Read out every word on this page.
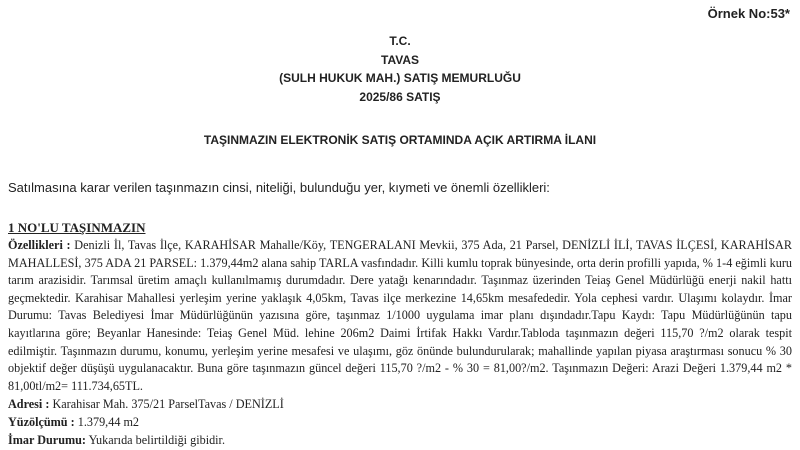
Örnek No:53*
T.C.
TAVAS
(SULH HUKUK MAH.) SATIŞ MEMURLUĞU
2025/86 SATIŞ
TAŞINMAZIN ELEKTRONİK SATIŞ ORTAMINDA AÇIK ARTIRMA İLANI
Satılmasına karar verilen taşınmazın cinsi, niteliği, bulunduğu yer, kıymeti ve önemli özellikleri:
1 NO'LU TAŞINMAZIN

Özellikleri : Denizli İl, Tavas İlçe, KARAHİSAR Mahalle/Köy, TENGERALANI Mevkii, 375 Ada, 21 Parsel, DENİZLİ İLİ, TAVAS İLÇESİ, KARAHİSAR MAHALLESİ, 375 ADA 21 PARSEL: 1.379,44m2 alana sahip TARLA vasfındadır. Killi kumlu toprak bünyesinde, orta derin profilli yapıda, % 1-4 eğimli kuru tarım arazisidir. Tarımsal üretim amaçlı kullanılmamış durumdadır. Dere yatağı kenarındadır. Taşınmaz üzerinden Teiaş Genel Müdürlüğü enerji nakil hattı geçmektedir. Karahisar Mahallesi yerleşim yerine yaklaşık 4,05km, Tavas ilçe merkezine 14,65km mesafededir. Yola cephesi vardır. Ulaşımı kolaydır. İmar Durumu: Tavas Belediyesi İmar Müdürlüğünün yazısına göre, taşınmaz 1/1000 uygulama imar planı dışındadır.Tapu Kaydı: Tapu Müdürlüğünün tapu kayıtlarına göre; Beyanlar Hanesinde: Teiaş Genel Müd. lehine 206m2 Daimi İrtifak Hakkı Vardır.Tabloda taşınmazın değeri 115,70 ?/m2 olarak tespit edilmiştir. Taşınmazın durumu, konumu, yerleşim yerine mesafesi ve ulaşımı, göz önünde bulundurularak; mahallinde yapılan piyasa araştırması sonucu % 30 objektif değer düşüşü uygulanacaktır. Buna göre taşınmazın güncel değeri 115,70 ?/m2 - % 30 = 81,00?/m2. Taşınmazın Değeri: Arazi Değeri 1.379,44 m2 * 81,00tl/m2= 111.734,65TL.

Adresi : Karahisar Mah. 375/21 ParselTavas / DENİZLİ

Yüzölçümü : 1.379,44 m2

İmar Durumu: Yukarıda belirtildiği gibidir.
